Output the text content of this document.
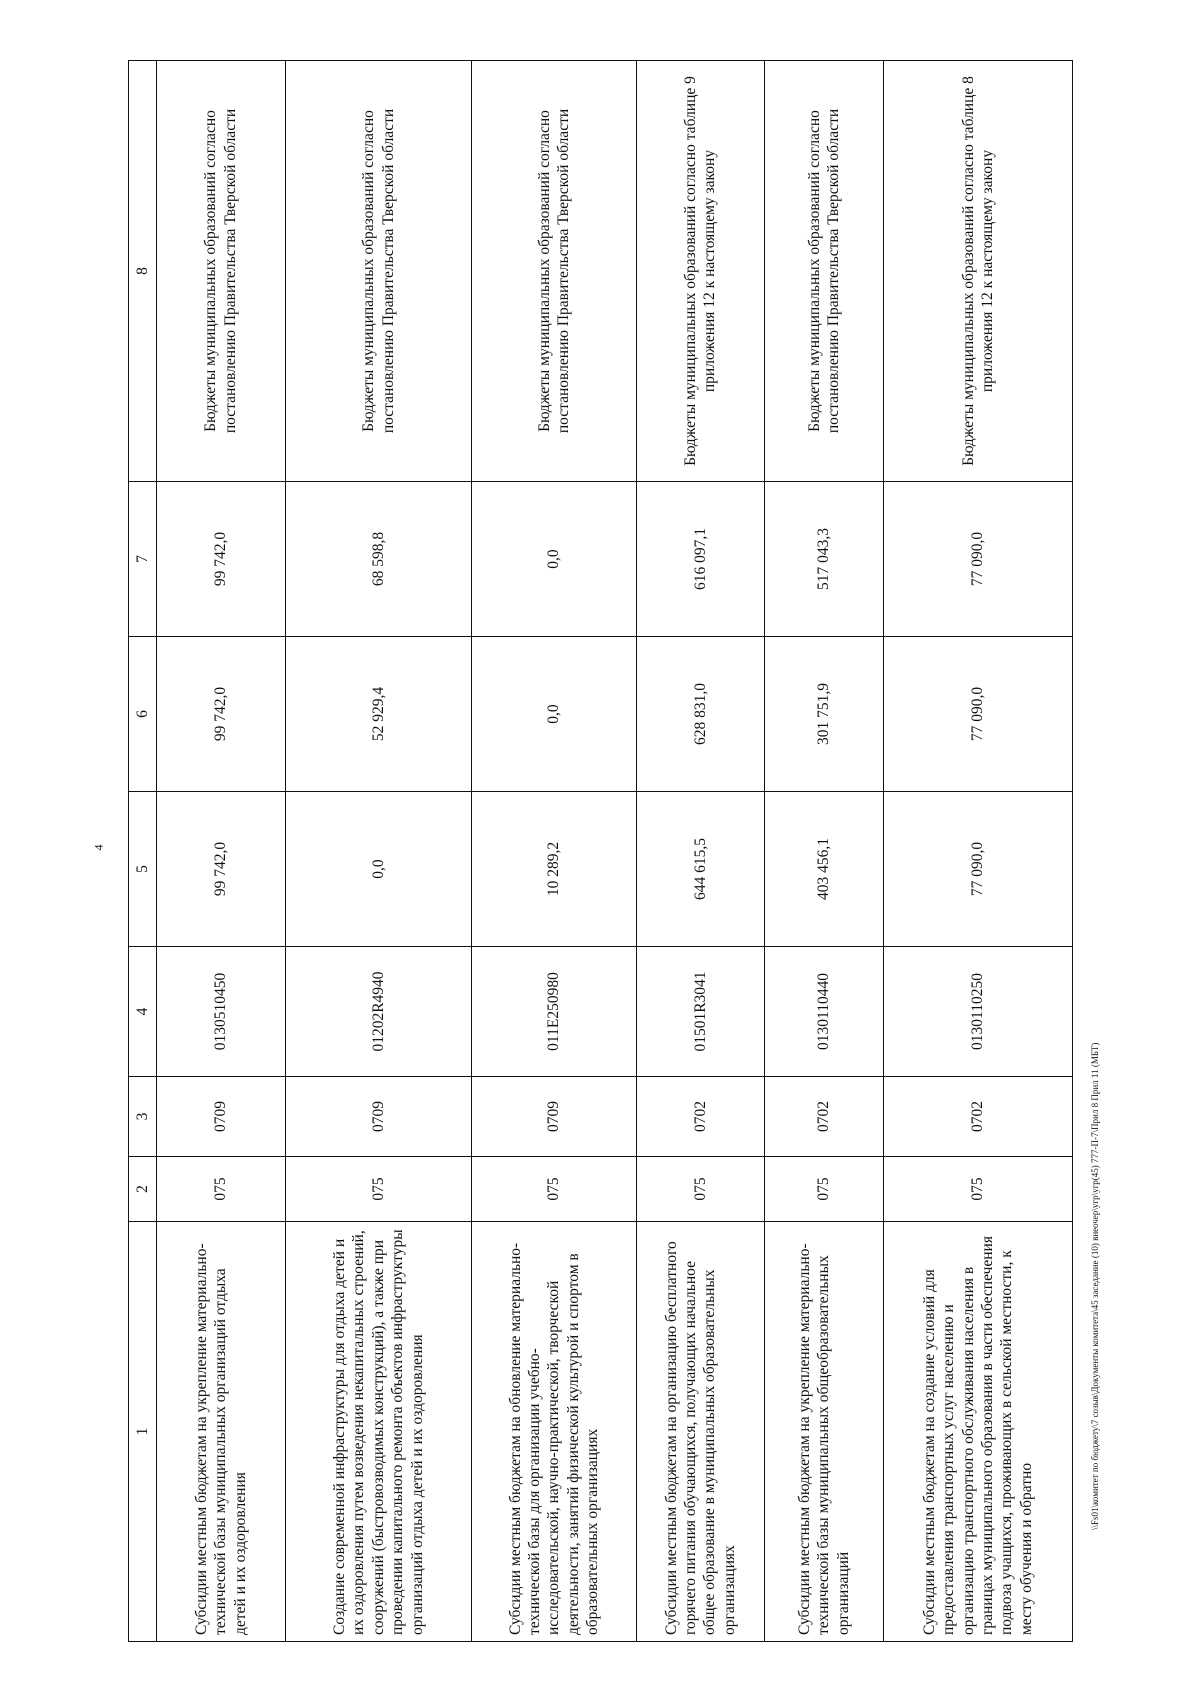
4
1	2	3	4	5	6	7	8
Субсидии местным бюджетам на укрепление материально-технической базы муниципальных организаций отдыха детей и их оздоровления	075	0709	0130510450	99 742,0	99 742,0	99 742,0	Бюджеты муниципальных образований согласно постановлению Правительства Тверской области
Создание современной инфраструктуры для отдыха детей и их оздоровления путем возведения некапитальных строений, сооружений (быстровозводимых конструкций), а также при проведении капитального ремонта объектов инфраструктуры организаций отдыха детей и их оздоровления	075	0709	01202R4940	0,0	52 929,4	68 598,8	Бюджеты муниципальных образований согласно постановлению Правительства Тверской области
Субсидии местным бюджетам на обновление материально-технической базы для организации учебно-исследовательской, научно-практической, творческой деятельности, занятий физической культурой и спортом в образовательных организациях	075	0709	011Е250980	10 289,2	0,0	0,0	Бюджеты муниципальных образований согласно постановлению Правительства Тверской области
Субсидии местным бюджетам на организацию бесплатного горячего питания обучающихся, получающих начальное общее образование в муниципальных образовательных организациях	075	0702	01501R3041	644 615,5	628 831,0	616 097,1	Бюджеты муниципальных образований согласно таблице 9 приложения 12 к настоящему закону
Субсидии местным бюджетам на укрепление материально-технической базы муниципальных общеобразовательных организаций	075	0702	0130110440	403 456,1	301 751,9	517 043,3	Бюджеты муниципальных образований согласно постановлению Правительства Тверской области
Субсидии местным бюджетам на создание условий для предоставления транспортных услуг населению и организацию транспортного обслуживания населения в границах муниципального образования в части обеспечения подвоза учащихся, проживающих в сельской местности, к месту обучения и обратно	075	0702	0130110250	77 090,0	77 090,0	77 090,0	Бюджеты муниципальных образований согласно таблице 8 приложения 12 к настоящему закону
\\Fs01\комитет по бюджету\7 созыв\Документы комитета\45 заседание (10) внеочер\угр\угр(45) 777-П-7\Прил 8 Прил 11 (МБТ)
